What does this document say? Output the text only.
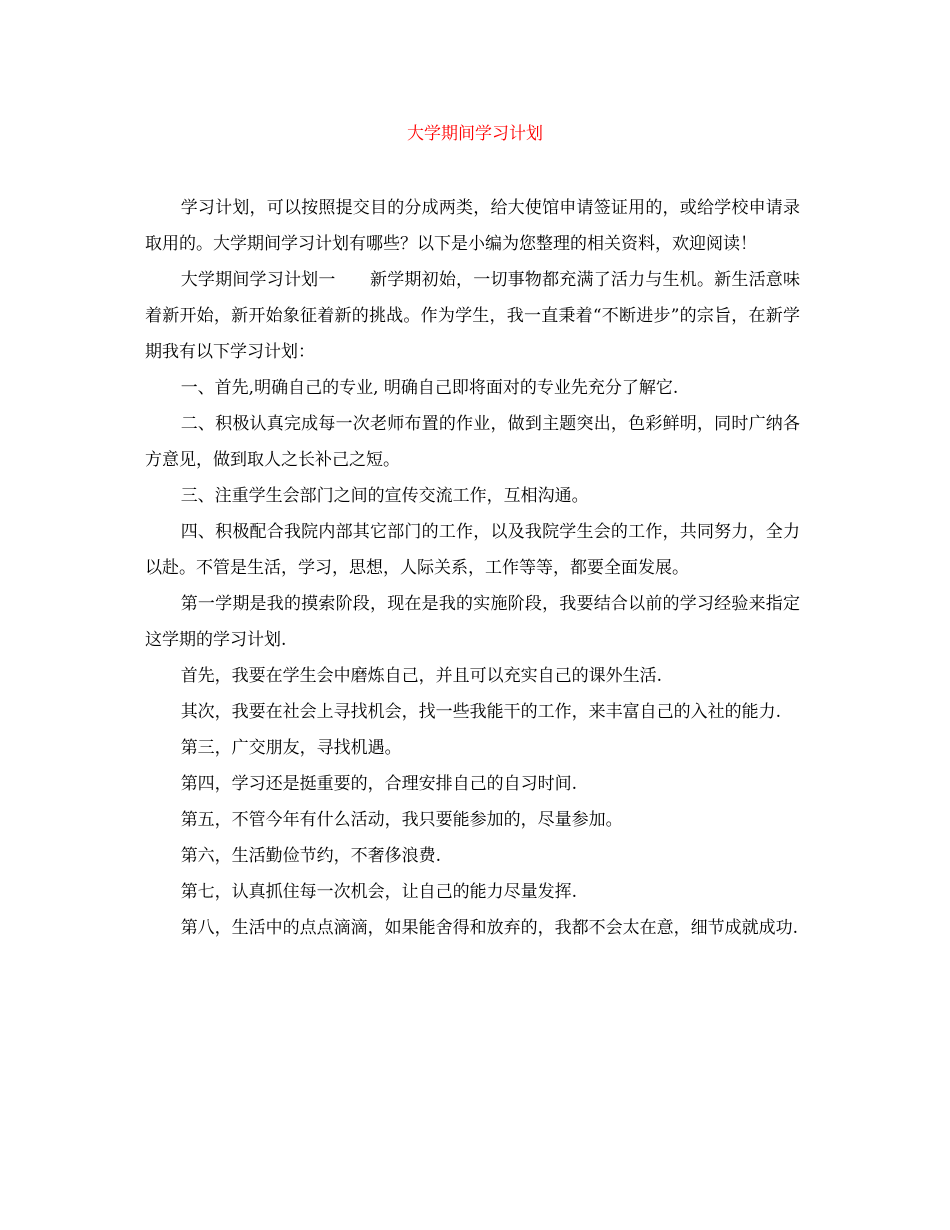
大学期间学习计划

学习计划，可以按照提交目的分成两类，给大使馆申请签证用的，或给学校申请录取用的。大学期间学习计划有哪些？以下是小编为您整理的相关资料，欢迎阅读！

大学期间学习计划一　　新学期初始，一切事物都充满了活力与生机。新生活意味着新开始，新开始象征着新的挑战。作为学生，我一直秉着“不断进步”的宗旨，在新学期我有以下学习计划：

一、首先,明确自己的专业, 明确自己即将面对的专业先充分了解它.

二、积极认真完成每一次老师布置的作业，做到主题突出，色彩鲜明，同时广纳各方意见，做到取人之长补己之短。

三、注重学生会部门之间的宣传交流工作，互相沟通。

四、积极配合我院内部其它部门的工作，以及我院学生会的工作，共同努力，全力以赴。不管是生活，学习，思想，人际关系，工作等等，都要全面发展。

第一学期是我的摸索阶段，现在是我的实施阶段，我要结合以前的学习经验来指定这学期的学习计划.

首先，我要在学生会中磨炼自己，并且可以充实自己的课外生活.

其次，我要在社会上寻找机会，找一些我能干的工作，来丰富自己的入社的能力.

第三，广交朋友，寻找机遇。

第四，学习还是挺重要的，合理安排自己的自习时间.

第五，不管今年有什么活动，我只要能参加的，尽量参加。

第六，生活勤俭节约，不奢侈浪费.

第七，认真抓住每一次机会，让自己的能力尽量发挥.

第八，生活中的点点滴滴，如果能舍得和放弃的，我都不会太在意，细节成就成功.
